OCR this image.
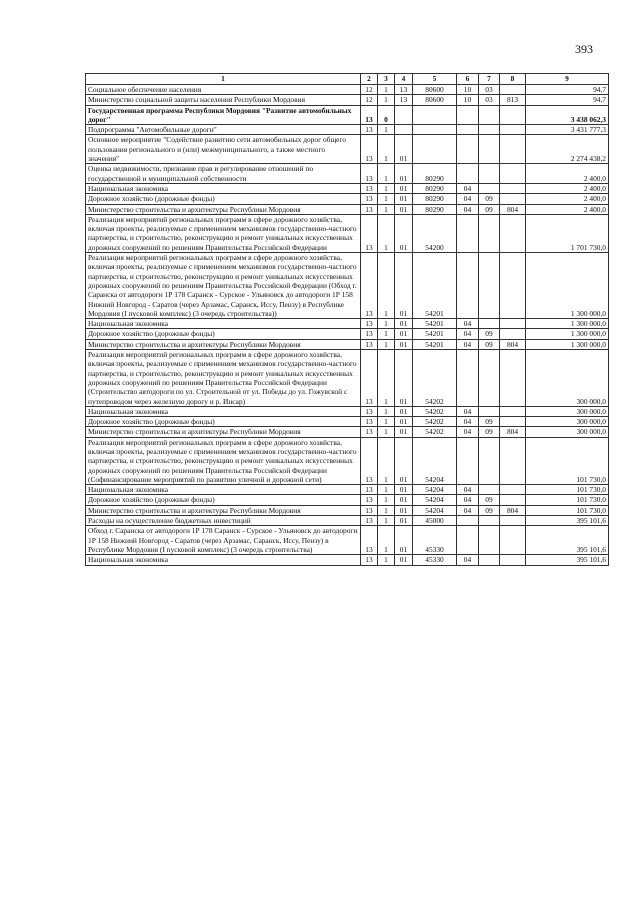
393
1	2	3	4	5	6	7	8	9
Социальное обеспечение населения	12	1	13	80600	10	03		94,7
Министерство социальной защиты населения Республики Мордовия	12	1	13	80600	10	03	813	94,7
Государственная программа Республики Мордовия "Развитие автомобильных дорог"	13	0						3 438 062,3
Подпрограмма "Автомобильные дороги"	13	1						3 431 777,3
Основное мероприятие "Содействие развитию сети автомобильных дорог общего пользования регионального и (или) межмуниципального, а также местного значения"	13	1	01					2 274 438,2
Оценка недвижимости, признание прав и регулирование отношений по государственной и муниципальной собственности	13	1	01	80290				2 400,0
Национальная экономика	13	1	01	80290	04			2 400,0
Дорожное хозяйство (дорожные фонды)	13	1	01	80290	04	09		2 400,0
Министерство строительства и архитектуры Республики Мордовия	13	1	01	80290	04	09	804	2 400,0
Реализация мероприятий региональных программ в сфере дорожного хозяйства, включая проекты, реализуемые с применением механизмов государственно-частного партнерства, и строительство, реконструкцию и ремонт уникальных искусственных дорожных сооружений по решениям Правительства Российской Федерации	13	1	01	54200				1 701 730,0
Реализация мероприятий региональных программ в сфере дорожного хозяйства, включая проекты, реализуемые с применением механизмов государственно-частного партнерства, и строительство, реконструкцию и ремонт уникальных искусственных дорожных сооружений по решениям Правительства Российской Федерации (Обход г. Саранска от автодороги 1Р 178 Саранск - Сурское - Ульяновск до автодороги 1Р 158 Нижний Новгород - Саратов (через Арзамас, Саранск, Исcу, Пензу) в Республике Мордовия (I пусковой комплекс) (3 очередь строительства))	13	1	01	54201				1 300 000,0
Национальная экономика	13	1	01	54201	04			1 300 000,0
Дорожное хозяйство (дорожные фонды)	13	1	01	54201	04	09		1 300 000,0
Министерство строительства и архитектуры Республики Мордовия	13	1	01	54201	04	09	804	1 300 000,0
Реализация мероприятий региональных программ в сфере дорожного хозяйства, включая проекты, реализуемые с применением механизмов государственно-частного партнерства, и строительство, реконструкцию и ремонт уникальных искусственных дорожных сооружений по решениям Правительства Российской Федерации (Строительство автодороги по ул. Строительной от ул. Победы до ул. Гожувской с путепроводом через железную дорогу и р. Инсар)	13	1	01	54202				300 000,0
Национальная экономика	13	1	01	54202	04			300 000,0
Дорожное хозяйство (дорожные фонды)	13	1	01	54202	04	09		300 000,0
Министерство строительства и архитектуры Республики Мордовия	13	1	01	54202	04	09	804	300 000,0
Реализация мероприятий региональных программ в сфере дорожного хозяйства, включая проекты, реализуемые с применением механизмов государственно-частного партнерства, и строительство, реконструкцию и ремонт уникальных искусственных дорожных сооружений по решениям Правительства Российской Федерации (Софинансирование мероприятий по развитию уличной и дорожной сети)	13	1	01	54204				101 730,0
Национальная экономика	13	1	01	54204	04			101 730,0
Дорожное хозяйство (дорожные фонды)	13	1	01	54204	04	09		101 730,0
Министерство строительства и архитектуры Республики Мордовия	13	1	01	54204	04	09	804	101 730,0
Расходы на осуществление бюджетных инвестиций	13	1	01	45000				395 101,6
Обход г. Саранска от автодороги 1Р 178 Саранск - Сурское - Ульяновск до автодороги 1Р 158 Нижний Новгород - Саратов (через Арзамас, Саранск, Исcу, Пензу) в Республике Мордовия (I пусковой комплекс) (3 очередь строительства)	13	1	01	45330				395 101,6
Национальная экономика	13	1	01	45330	04			395 101,6
